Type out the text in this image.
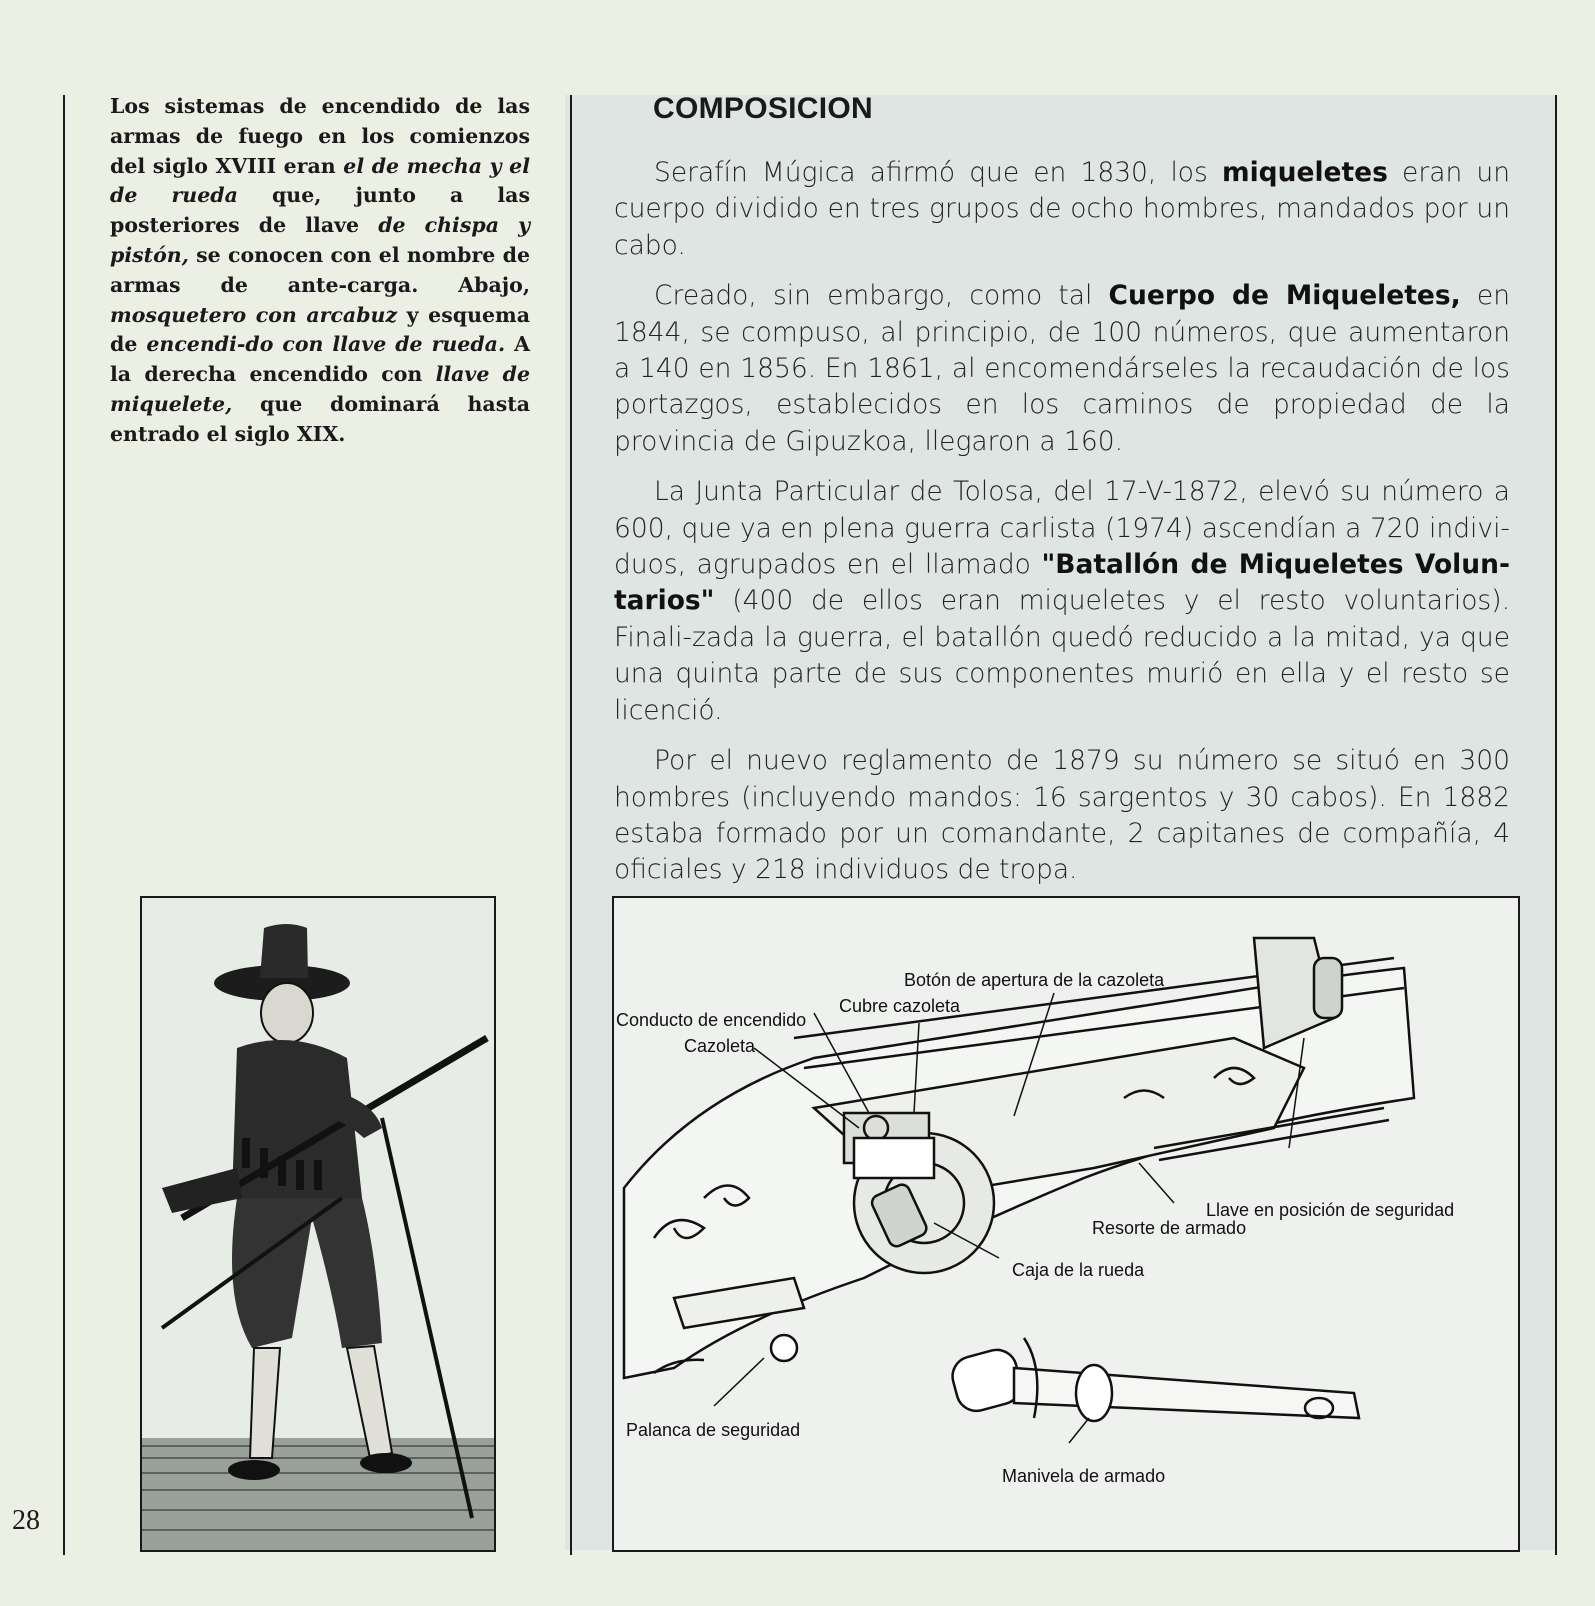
28
Los sistemas de encendido de las armas de fuego en los comienzos del siglo XVIII eran el de mecha y el de rueda que, junto a las posteriores de llave de chispa y pistón, se conocen con el nombre de armas de ante-carga. Abajo, mosquetero con arcabuz y esquema de encendi-do con llave de rueda. A la derecha encendido con llave de miquelete, que dominará hasta entrado el siglo XIX.
COMPOSICION

Serafín Múgica afirmó que en 1830, los miqueletes eran un cuerpo dividido en tres grupos de ocho hombres, mandados por un cabo.

Creado, sin embargo, como tal Cuerpo de Miqueletes, en 1844, se compuso, al principio, de 100 números, que aumentaron a 140 en 1856. En 1861, al encomendárseles la recaudación de los portazgos, establecidos en los caminos de propiedad de la provincia de Gipuzkoa, llegaron a 160.

La Junta Particular de Tolosa, del 17-V-1872, elevó su número a 600, que ya en plena guerra carlista (1974) ascendían a 720 indivi-duos, agrupados en el llamado "Batallón de Miqueletes Volun-tarios" (400 de ellos eran miqueletes y el resto voluntarios). Finali-zada la guerra, el batallón quedó reducido a la mitad, ya que una quinta parte de sus componentes murió en ella y el resto se licenció.

Por el nuevo reglamento de 1879 su número se situó en 300 hombres (incluyendo mandos: 16 sargentos y 30 cabos). En 1882 estaba formado por un comandante, 2 capitanes de compañía, 4 oficiales y 218 individuos de tropa.

Botón de apertura de la cazoleta
Cubre cazoleta
Conducto de encendido
Cazoleta
Llave en posición de seguridad
Resorte de armado
Caja de la rueda
Palanca de seguridad
Manivela de armado
